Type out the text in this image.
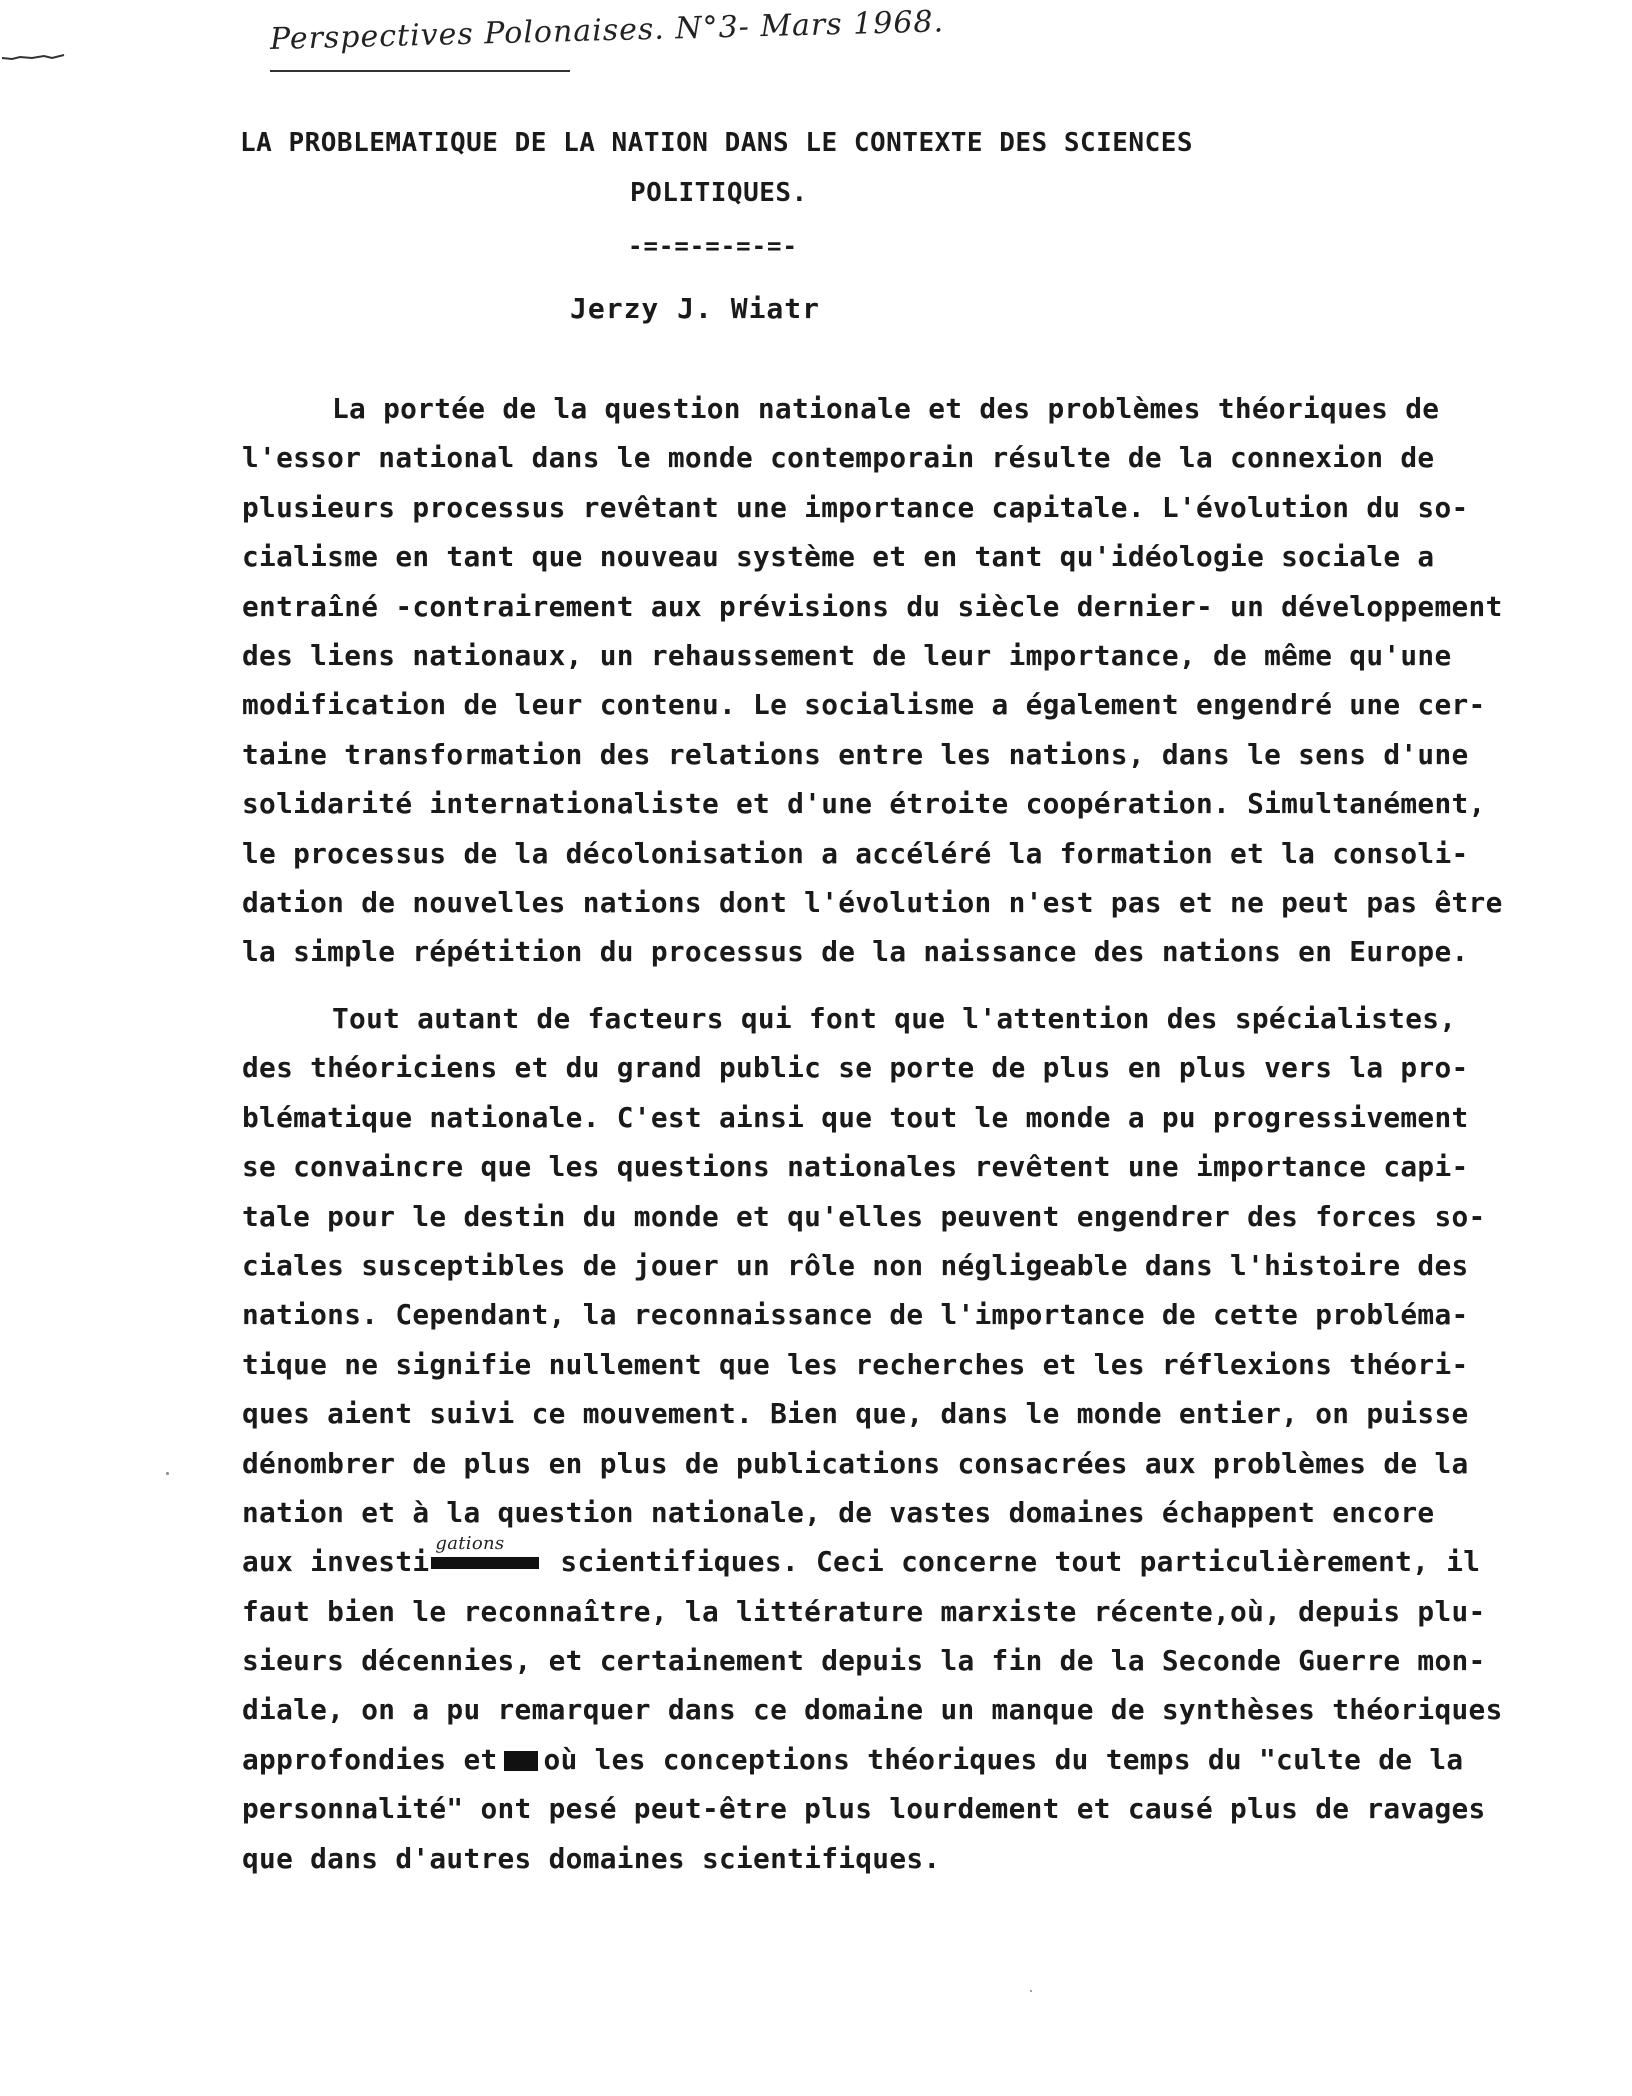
Perspectives Polonaises. N°3- Mars 1968.
LA PROBLEMATIQUE DE LA NATION DANS LE CONTEXTE DES SCIENCES
POLITIQUES.
-=-=-=-=-=-
Jerzy J. Wiatr
La portée de la question nationale et des problèmes théoriques de
l'essor national dans le monde contemporain résulte de la connexion de
plusieurs processus revêtant une importance capitale. L'évolution du so-
cialisme en tant que nouveau système et en tant qu'idéologie sociale a
entraîné -contrairement aux prévisions du siècle dernier- un développement
des liens nationaux, un rehaussement de leur importance, de même qu'une
modification de leur contenu. Le socialisme a également engendré une cer-
taine transformation des relations entre les nations, dans le sens d'une
solidarité internationaliste et d'une étroite coopération. Simultanément,
le processus de la décolonisation a accéléré la formation et la consoli-
dation de nouvelles nations dont l'évolution n'est pas et ne peut pas être
la simple répétition du processus de la naissance des nations en Europe.
Tout autant de facteurs qui font que l'attention des spécialistes,
des théoriciens et du grand public se porte de plus en plus vers la pro-
blématique nationale. C'est ainsi que tout le monde a pu progressivement
se convaincre que les questions nationales revêtent une importance capi-
tale pour le destin du monde et qu'elles peuvent engendrer des forces so-
ciales susceptibles de jouer un rôle non négligeable dans l'histoire des
nations. Cependant, la reconnaissance de l'importance de cette probléma-
tique ne signifie nullement que les recherches et les réflexions théori-
ques aient suivi ce mouvement. Bien que, dans le monde entier, on puisse
dénombrer de plus en plus de publications consacrées aux problèmes de la
nation et à la question nationale, de vastes domaines échappent encore
aux investi
gations
scientifiques. Ceci concerne tout particulièrement, il
faut bien le reconnaître, la littérature marxiste récente,où, depuis plu-
sieurs décennies, et certainement depuis la fin de la Seconde Guerre mon-
diale, on a pu remarquer dans ce domaine un manque de synthèses théoriques
approfondies et où les conceptions théoriques du temps du "culte de la
personnalité" ont pesé peut-être plus lourdement et causé plus de ravages
que dans d'autres domaines scientifiques.
